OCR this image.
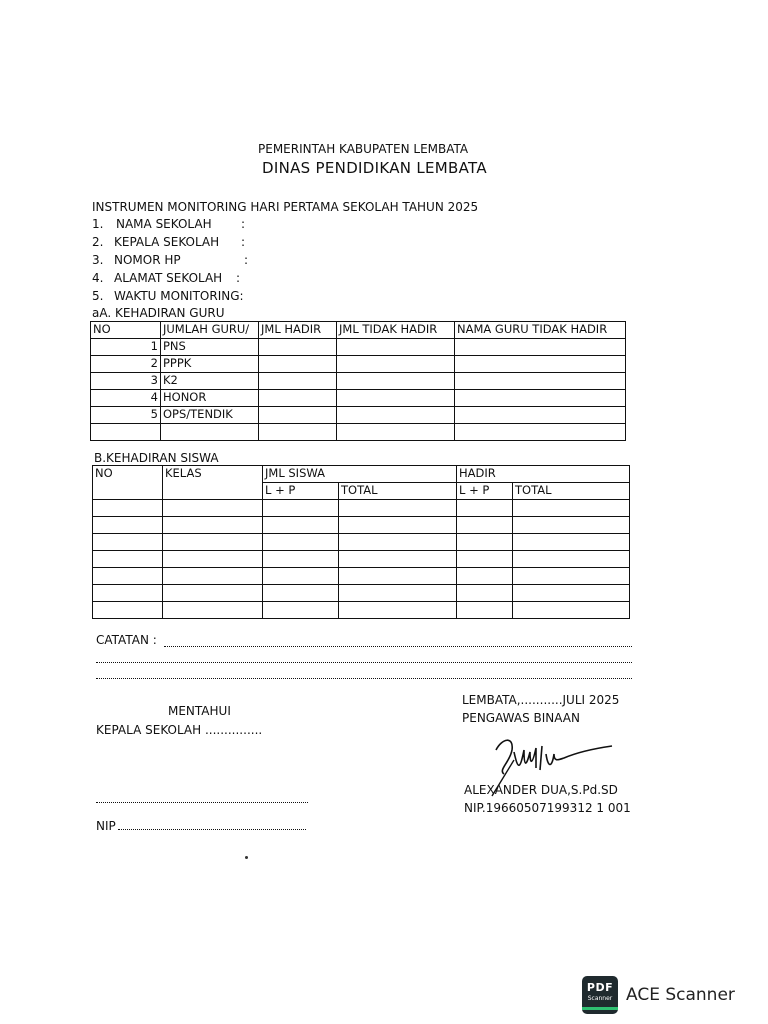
PEMERINTAH KABUPATEN LEMBATA
DINAS PENDIDIKAN LEMBATA
INSTRUMEN MONITORING HARI PERTAMA SEKOLAH TAHUN 2025
1. NAMA SEKOLAH :
2. KEPALA SEKOLAH :
3. NOMOR HP	:
4. ALAMAT SEKOLAH :
5. WAKTU MONITORING:
aA. KEHADIRAN GURU
NO	JUMLAH GURU/	JML HADIR	JML TIDAK HADIR	NAMA GURU TIDAK HADIR
1	PNS			
2	PPPK			
3	K2			
4	HONOR			
5	OPS/TENDIK			

B.KEHADIRAN SISWA
NO	KELAS	JML SISWA		HADIR	
		L + P	TOTAL	L + P	TOTAL

CATATAN :
MENTAHUI
KEPALA SEKOLAH ...............
NIP
LEMBATA,...........JULI 2025
PENGAWAS BINAAN
ALEXANDER DUA,S.Pd.SD
NIP.19660507199312 1 001
PDF
Scanner ACE Scanner
